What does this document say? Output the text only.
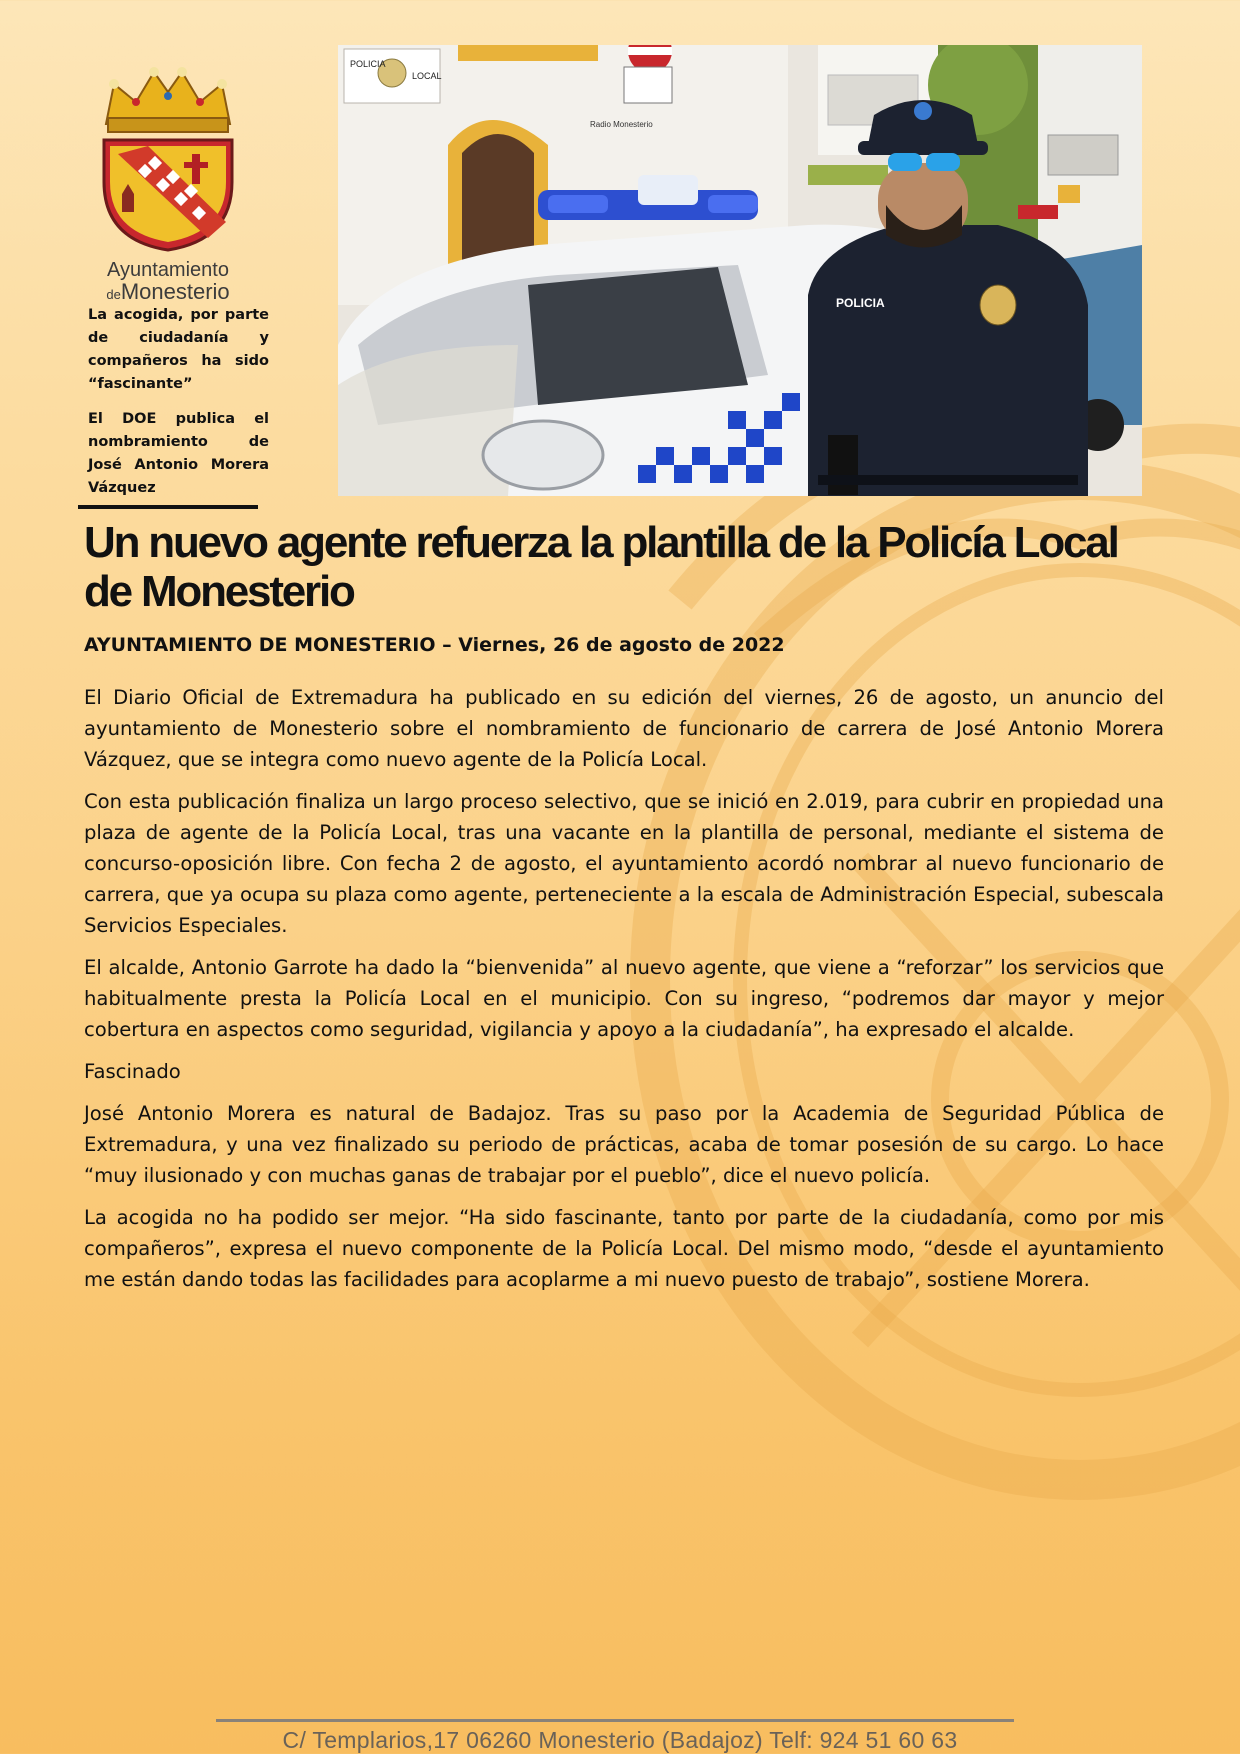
Ayuntamiento
deMonesterio

La acogida, por parte de ciudadanía y compañeros ha sido “fascinante”

El DOE publica el nombramiento de José Antonio Morera Vázquez

POLICIA
LOCAL
Radio Monesterio
POLICIA
Un nuevo agente refuerza la plantilla de la Policía Local de Monesterio

AYUNTAMIENTO DE MONESTERIO – Viernes, 26 de agosto de 2022

El Diario Oficial de Extremadura ha publicado en su edición del viernes, 26 de agosto, un anuncio del ayuntamiento de Monesterio sobre el nombramiento de funcionario de carrera de José Antonio Morera Vázquez, que se integra como nuevo agente de la Policía Local.

Con esta publicación finaliza un largo proceso selectivo, que se inició en 2.019, para cubrir en propiedad una plaza de agente de la Policía Local, tras una vacante en la plantilla de personal, mediante el sistema de concurso-oposición libre. Con fecha 2 de agosto, el ayuntamiento acordó nombrar al nuevo funcionario de carrera, que ya ocupa su plaza como agente, perteneciente a la escala de Administración Especial, subescala Servicios Especiales.

El alcalde, Antonio Garrote ha dado la “bienvenida” al nuevo agente, que viene a “reforzar” los servicios que habitualmente presta la Policía Local en el municipio. Con su ingreso, “podremos dar mayor y mejor cobertura en aspectos como seguridad, vigilancia y apoyo a la ciudadanía”, ha expresado el alcalde.

Fascinado

José Antonio Morera es natural de Badajoz. Tras su paso por la Academia de Seguridad Pública de Extremadura, y una vez finalizado su periodo de prácticas, acaba de tomar posesión de su cargo. Lo hace “muy ilusionado y con muchas ganas de trabajar por el pueblo”, dice el nuevo policía.

La acogida no ha podido ser mejor. “Ha sido fascinante, tanto por parte de la ciudadanía, como por mis compañeros”, expresa el nuevo componente de la Policía Local. Del mismo modo, “desde el ayuntamiento me están dando todas las facilidades para acoplarme a mi nuevo puesto de trabajo”, sostiene Morera.

C/ Templarios,17 06260 Monesterio (Badajoz) Telf: 924 51 60 63
